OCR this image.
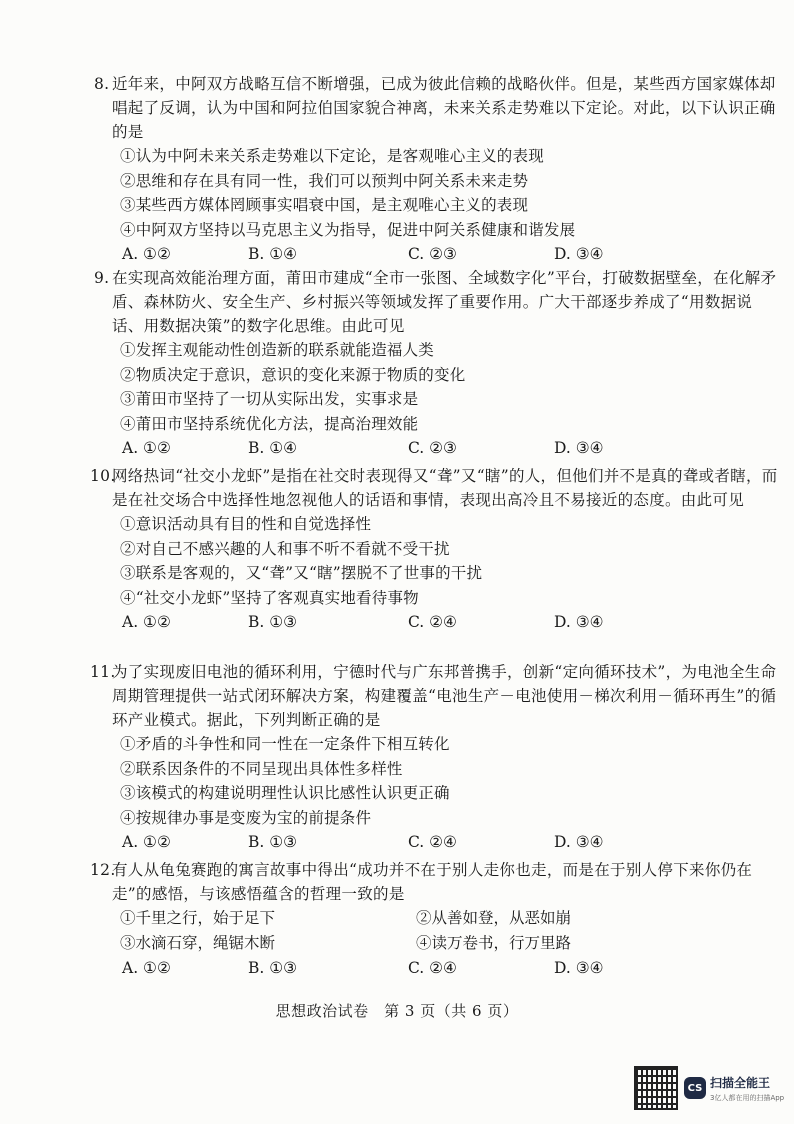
8. 近年来，中阿双方战略互信不断增强，已成为彼此信赖的战略伙伴。但是，某些西方国家媒体却唱起了反调，认为中国和阿拉伯国家貌合神离，未来关系走势难以下定论。对此，以下认识正确的是
①认为中阿未来关系走势难以下定论，是客观唯心主义的表现
②思维和存在具有同一性，我们可以预判中阿关系未来走势
③某些西方媒体罔顾事实唱衰中国，是主观唯心主义的表现
④中阿双方坚持以马克思主义为指导，促进中阿关系健康和谐发展
A. ①②	B. ①④	C. ②③	D. ③④
9. 在实现高效能治理方面，莆田市建成“全市一张图、全域数字化”平台，打破数据壁垒，在化解矛盾、森林防火、安全生产、乡村振兴等领域发挥了重要作用。广大干部逐步养成了“用数据说话、用数据决策”的数字化思维。由此可见
①发挥主观能动性创造新的联系就能造福人类
②物质决定于意识，意识的变化来源于物质的变化
③莆田市坚持了一切从实际出发，实事求是
④莆田市坚持系统优化方法，提高治理效能
A. ①②	B. ①④	C. ②③	D. ③④
10.
网络热词“社交小龙虾”是指在社交时表现得又“聋”又“瞎”的人，但他们并不是真的聋或者瞎，而是在社交场合中选择性地忽视他人的话语和事情，表现出高冷且不易接近的态度。由此可见
①意识活动具有目的性和自觉选择性
②对自己不感兴趣的人和事不听不看就不受干扰
③联系是客观的，又“聋”又“瞎”摆脱不了世事的干扰
④“社交小龙虾”坚持了客观真实地看待事物
A. ①②	B. ①③	C. ②④	D. ③④
11.
为了实现废旧电池的循环利用，宁德时代与广东邦普携手，创新“定向循环技术”，为电池全生命周期管理提供一站式闭环解决方案，构建覆盖“电池生产－电池使用－梯次利用－循环再生”的循环产业模式。据此，下列判断正确的是
①矛盾的斗争性和同一性在一定条件下相互转化
②联系因条件的不同呈现出具体性多样性
③该模式的构建说明理性认识比感性认识更正确
④按规律办事是变废为宝的前提条件
A. ①②	B. ①③	C. ②④	D. ③④
12.
有人从龟兔赛跑的寓言故事中得出“成功并不在于别人走你也走，而是在于别人停下来你仍在走”的感悟，与该感悟蕴含的哲理一致的是
①千里之行，始于足下	②从善如登，从恶如崩
③水滴石穿，绳锯木断	④读万卷书，行万里路
A. ①②	B. ①③	C. ②④	D. ③④
思想政治试卷　第 3 页（共 6 页）
CS 扫描全能王
3亿人都在用的扫描App
